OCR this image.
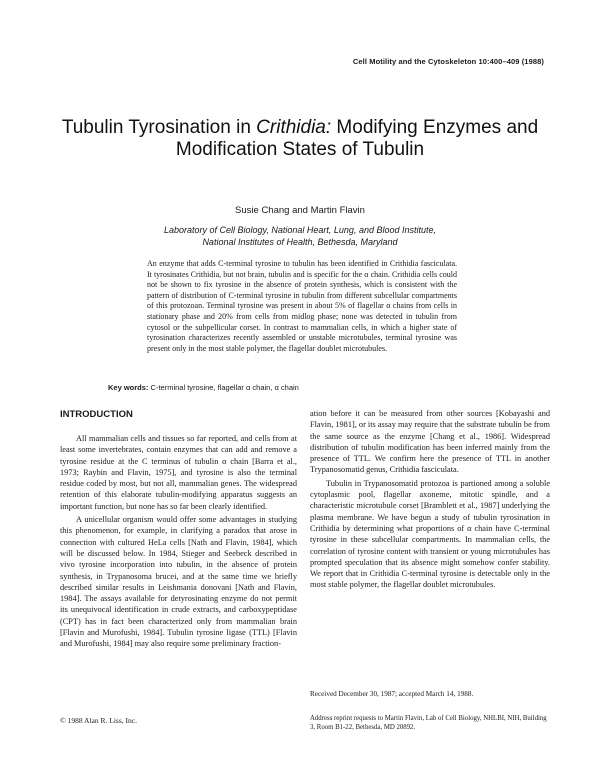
Cell Motility and the Cytoskeleton 10:400–409 (1988)
Tubulin Tyrosination in Crithidia: Modifying Enzymes and
Modification States of Tubulin
Susie Chang and Martin Flavin
Laboratory of Cell Biology, National Heart, Lung, and Blood Institute,
National Institutes of Health, Bethesda, Maryland
An enzyme that adds C-terminal tyrosine to tubulin has been identified in Crithidia fasciculata. It tyrosinates Crithidia, but not brain, tubulin and is specific for the α chain. Crithidia cells could not be shown to fix tyrosine in the absence of protein synthesis, which is consistent with the pattern of distribution of C-terminal tyrosine in tubulin from different subcellular compartments of this protozoan. Terminal tyrosine was present in about 5% of flagellar α chains from cells in stationary phase and 20% from cells from midlog phase; none was detected in tubulin from cytosol or the subpellicular corset. In contrast to mammalian cells, in which a higher state of tyrosination characterizes recently assembled or unstable microtubules, terminal tyrosine was present only in the most stable polymer, the flagellar doublet microtubules.
Key words: C-terminal tyrosine, flagellar α chain, α chain
INTRODUCTION

All mammalian cells and tissues so far reported, and cells from at least some invertebrates, contain enzymes that can add and remove a tyrosine residue at the C terminus of tubulin α chain [Barra et al., 1973; Raybin and Flavin, 1975], and tyrosine is also the terminal residue coded by most, but not all, mammalian genes. The widespread retention of this elaborate tubulin-modifying apparatus suggests an important function, but none has so far been clearly identified.

A unicellular organism would offer some advantages in studying this phenomenon, for example, in clarifying a paradox that arose in connection with cultured HeLa cells [Nath and Flavin, 1984], which will be discussed below. In 1984, Stieger and Seebeck described in vivo tyrosine incorporation into tubulin, in the absence of protein synthesis, in Trypanosoma brucei, and at the same time we briefly described similar results in Leishmania donovani [Nath and Flavin, 1984]. The assays available for detyrosinating enzyme do not permit its unequivocal identification in crude extracts, and carboxypeptidase (CPT) has in fact been characterized only from mammalian brain [Flavin and Murofushi, 1984]. Tubulin tyrosine ligase (TTL) [Flavin and Murofushi, 1984] may also require some preliminary fraction-

ation before it can be measured from other sources [Kobayashi and Flavin, 1981], or its assay may require that the substrate tubulin be from the same source as the enzyme [Chang et al., 1986]. Widespread distribution of tubulin modification has been inferred mainly from the presence of TTL. We confirm here the presence of TTL in another Trypanosomatid genus, Crithidia fasciculata.

Tubulin in Trypanosomatid protozoa is partioned among a soluble cytoplasmic pool, flagellar axoneme, mitotic spindle, and a characteristic microtubule corset [Bramblett et al., 1987] underlying the plasma membrane. We have begun a study of tubulin tyrosination in Crithidia by determining what proportions of α chain have C-terminal tyrosine in these subcellular compartments. In mammalian cells, the correlation of tyrosine content with transient or young microtubules has prompted speculation that its absence might somehow confer stability. We report that in Crithidia C-terminal tyrosine is detectable only in the most stable polymer, the flagellar doublet microtubules.

Received December 30, 1987; accepted March 14, 1988.
Address reprint requests to Martin Flavin, Lab of Cell Biology, NHLBI, NIH, Building 3, Room B1-22, Bethesda, MD 20892.
© 1988 Alan R. Liss, Inc.
